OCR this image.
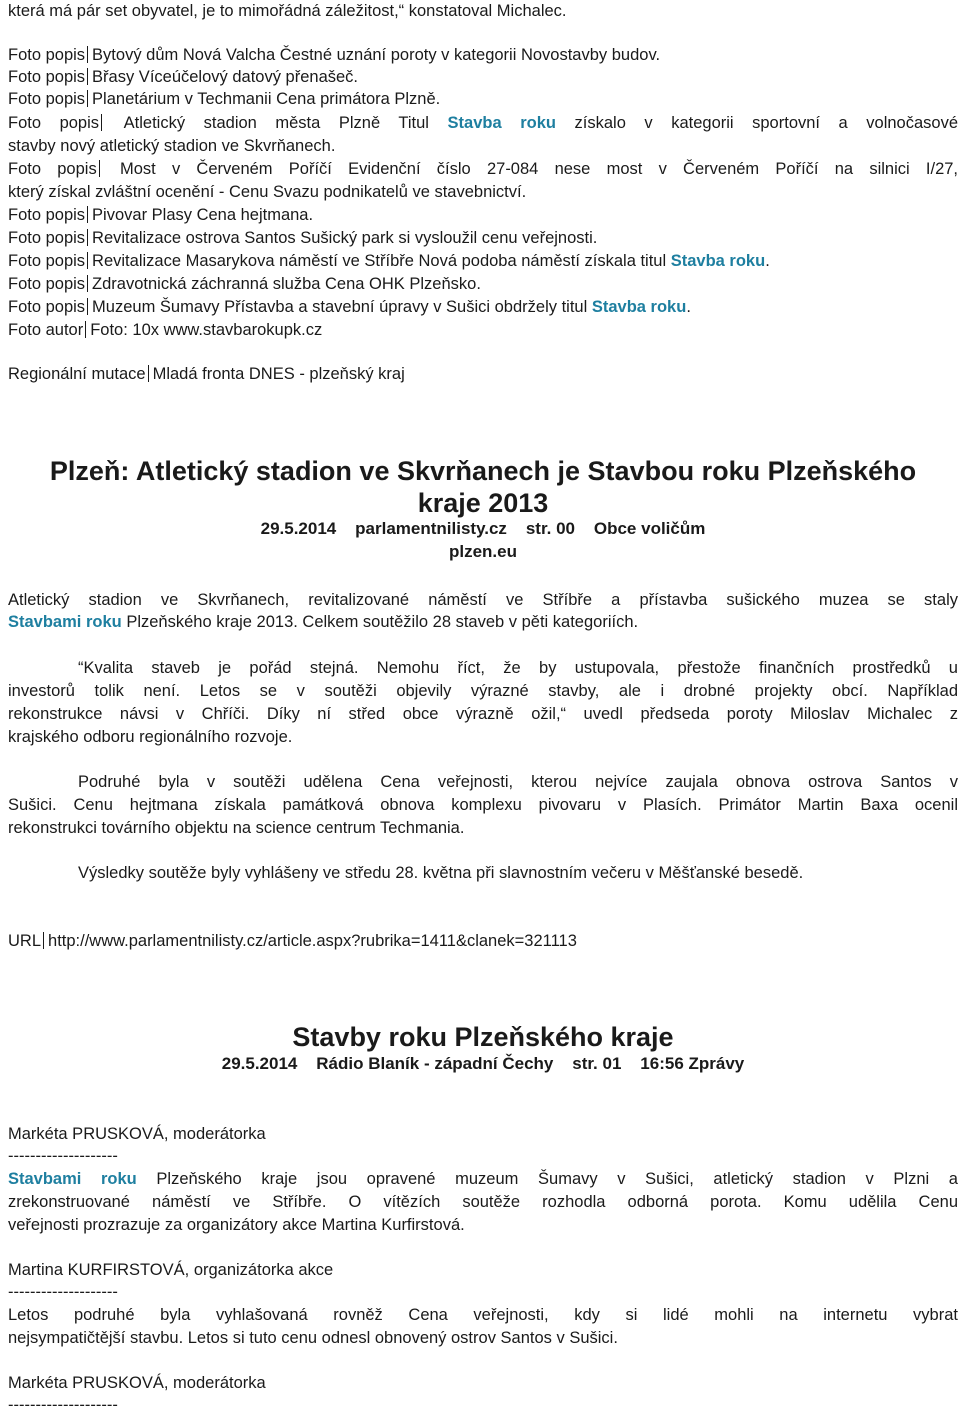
která má pár set obyvatel, je to mimořádná záležitost,“ konstatoval Michalec.
Foto popis Bytový dům Nová Valcha Čestné uznání poroty v kategorii Novostavby budov.
Foto popis Břasy Víceúčelový datový přenašeč.
Foto popis Planetárium v Techmanii Cena primátora Plzně.
Foto popis Atletický stadion města Plzně Titul Stavba roku získalo v kategorii sportovní a volnočasové
stavby nový atletický stadion ve Skvrňanech.
Foto popis Most v Červeném Poříčí Evidenční číslo 27-084 nese most v Červeném Poříčí na silnici I/27,
který získal zvláštní ocenění - Cenu Svazu podnikatelů ve stavebnictví.
Foto popis Pivovar Plasy Cena hejtmana.
Foto popis Revitalizace ostrova Santos Sušický park si vysloužil cenu veřejnosti.
Foto popis Revitalizace Masarykova náměstí ve Stříbře Nová podoba náměstí získala titul Stavba roku.
Foto popis Zdravotnická záchranná služba Cena OHK Plzeňsko.
Foto popis Muzeum Šumavy Přístavba a stavební úpravy v Sušici obdržely titul Stavba roku.
Foto autor Foto: 10x www.stavbarokupk.cz
Regionální mutace Mladá fronta DNES - plzeňský kraj
Plzeň: Atletický stadion ve Skvrňanech je Stavbou roku Plzeňského
kraje 2013
29.5.2014    parlamentnilisty.cz    str. 00    Obce voličům
plzen.eu
Atletický stadion ve Skvrňanech, revitalizované náměstí ve Stříbře a přístavba sušického muzea se staly
Stavbami roku Plzeňského kraje 2013. Celkem soutěžilo 28 staveb v pěti kategoriích.
“Kvalita staveb je pořád stejná. Nemohu říct, že by ustupovala, přestože finančních prostředků u
investorů tolik není. Letos se v soutěži objevily výrazné stavby, ale i drobné projekty obcí. Například
rekonstrukce návsi v Chříči. Díky ní střed obce výrazně ožil,“ uvedl předseda poroty Miloslav Michalec z
krajského odboru regionálního rozvoje.
Podruhé byla v soutěži udělena Cena veřejnosti, kterou nejvíce zaujala obnova ostrova Santos v
Sušici. Cenu hejtmana získala památková obnova komplexu pivovaru v Plasích. Primátor Martin Baxa ocenil
rekonstrukci továrního objektu na science centrum Techmania.
Výsledky soutěže byly vyhlášeny ve středu 28. května při slavnostním večeru v Měšťanské besedě.
URL http://www.parlamentnilisty.cz/article.aspx?rubrika=1411&clanek=321113
Stavby roku Plzeňského kraje
29.5.2014    Rádio Blaník - západní Čechy    str. 01    16:56 Zprávy
Markéta PRUSKOVÁ, moderátorka
--------------------
Stavbami roku Plzeňského kraje jsou opravené muzeum Šumavy v Sušici, atletický stadion v Plzni a
zrekonstruované náměstí ve Stříbře. O vítězích soutěže rozhodla odborná porota. Komu udělila Cenu
veřejnosti prozrazuje za organizátory akce Martina Kurfirstová.
Martina KURFIRSTOVÁ, organizátorka akce
--------------------
Letos podruhé byla vyhlašovaná rovněž Cena veřejnosti, kdy si lidé mohli na internetu vybrat
nejsympatičtější stavbu. Letos si tuto cenu odnesl obnovený ostrov Santos v Sušici.
Markéta PRUSKOVÁ, moderátorka
--------------------
